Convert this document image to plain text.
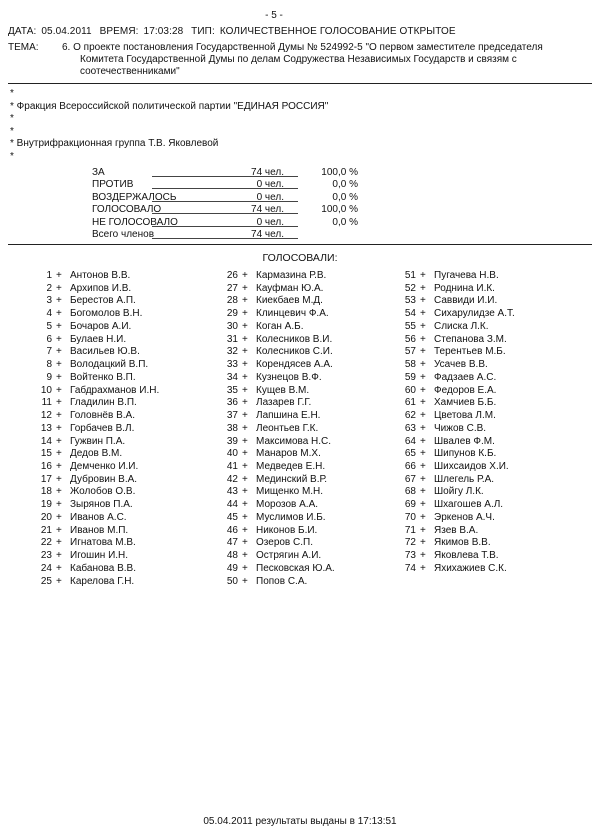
- 5 -
ДАТА: 05.04.2011 ВРЕМЯ: 17:03:28 ТИП: КОЛИЧЕСТВЕННОЕ ГОЛОСОВАНИЕ ОТКРЫТОЕ
ТЕМА: 6. О проекте постановления Государственной Думы № 524992-5 "О первом заместителе председателя
Комитета Государственной Думы по делам Содружества Независимых Государств и связям с
соотечественниками"
*
* Фракция Всероссийской политической партии "ЕДИНАЯ РОССИЯ"
*
*
* Внутрифракционная группа Т.В. Яковлевой
*
ЗА	74 чел.	100,0 %
ПРОТИВ	0 чел.	0,0 %
ВОЗДЕРЖАЛОСЬ	0 чел.	0,0 %
ГОЛОСОВАЛО	74 чел.	100,0 %
НЕ ГОЛОСОВАЛО	0 чел.	0,0 %
Всего членов	74 чел.
ГОЛОСОВАЛИ:
1 + Антонов В.В.
2 + Архипов И.В.
3 + Берестов А.П.
4 + Богомолов В.Н.
5 + Бочаров А.И.
6 + Булаев Н.И.
7 + Васильев Ю.В.
8 + Володацкий В.П.
9 + Войтенко В.П.
10 + Габдрахманов И.Н.
11 + Гладилин В.П.
12 + Головнёв В.А.
13 + Горбачев В.Л.
14 + Гужвин П.А.
15 + Дедов В.М.
16 + Демченко И.И.
17 + Дубровин В.А.
18 + Жолобов О.В.
19 + Зырянов П.А.
20 + Иванов А.С.
21 + Иванов М.П.
22 + Игнатова М.В.
23 + Игошин И.Н.
24 + Кабанова В.В.
25 + Карелова Г.Н.
26 + Кармазина Р.В.
27 + Кауфман Ю.А.
28 + Киекбаев М.Д.
29 + Клинцевич Ф.А.
30 + Коган А.Б.
31 + Колесников В.И.
32 + Колесников С.И.
33 + Корендясев А.А.
34 + Кузнецов В.Ф.
35 + Кущев В.М.
36 + Лазарев Г.Г.
37 + Лапшина Е.Н.
38 + Леонтьев Г.К.
39 + Максимова Н.С.
40 + Манаров М.Х.
41 + Медведев Е.Н.
42 + Мединский В.Р.
43 + Мищенко М.Н.
44 + Морозов А.А.
45 + Муслимов И.Б.
46 + Никонов Б.И.
47 + Озеров С.П.
48 + Остряги​н А.И.
49 + Песковская Ю.А.
50 + Попов С.А.
51 + Пугачева Н.В.
52 + Роднина И.К.
53 + Саввиди И.И.
54 + Сихарулидзе А.Т.
55 + Слиска Л.К.
56 + Степанова З.М.
57 + Терентьев М.Б.
58 + Усачев В.В.
59 + Фадзаев А.С.
60 + Федоров Е.А.
61 + Хамчиев Б.Б.
62 + Цветова Л.М.
63 + Чижов С.В.
64 + Швалев Ф.М.
65 + Шипунов К.Б.
66 + Шихсаидов Х.И.
67 + Шлегель Р.А.
68 + Шойгу Л.К.
69 + Шхагошев А.Л.
70 + Эркенов А.Ч.
71 + Язев В.А.
72 + Якимов В.В.
73 + Яковлева Т.В.
74 + Яхихажиев С.К.
05.04.2011 результаты выданы в 17:13:51
